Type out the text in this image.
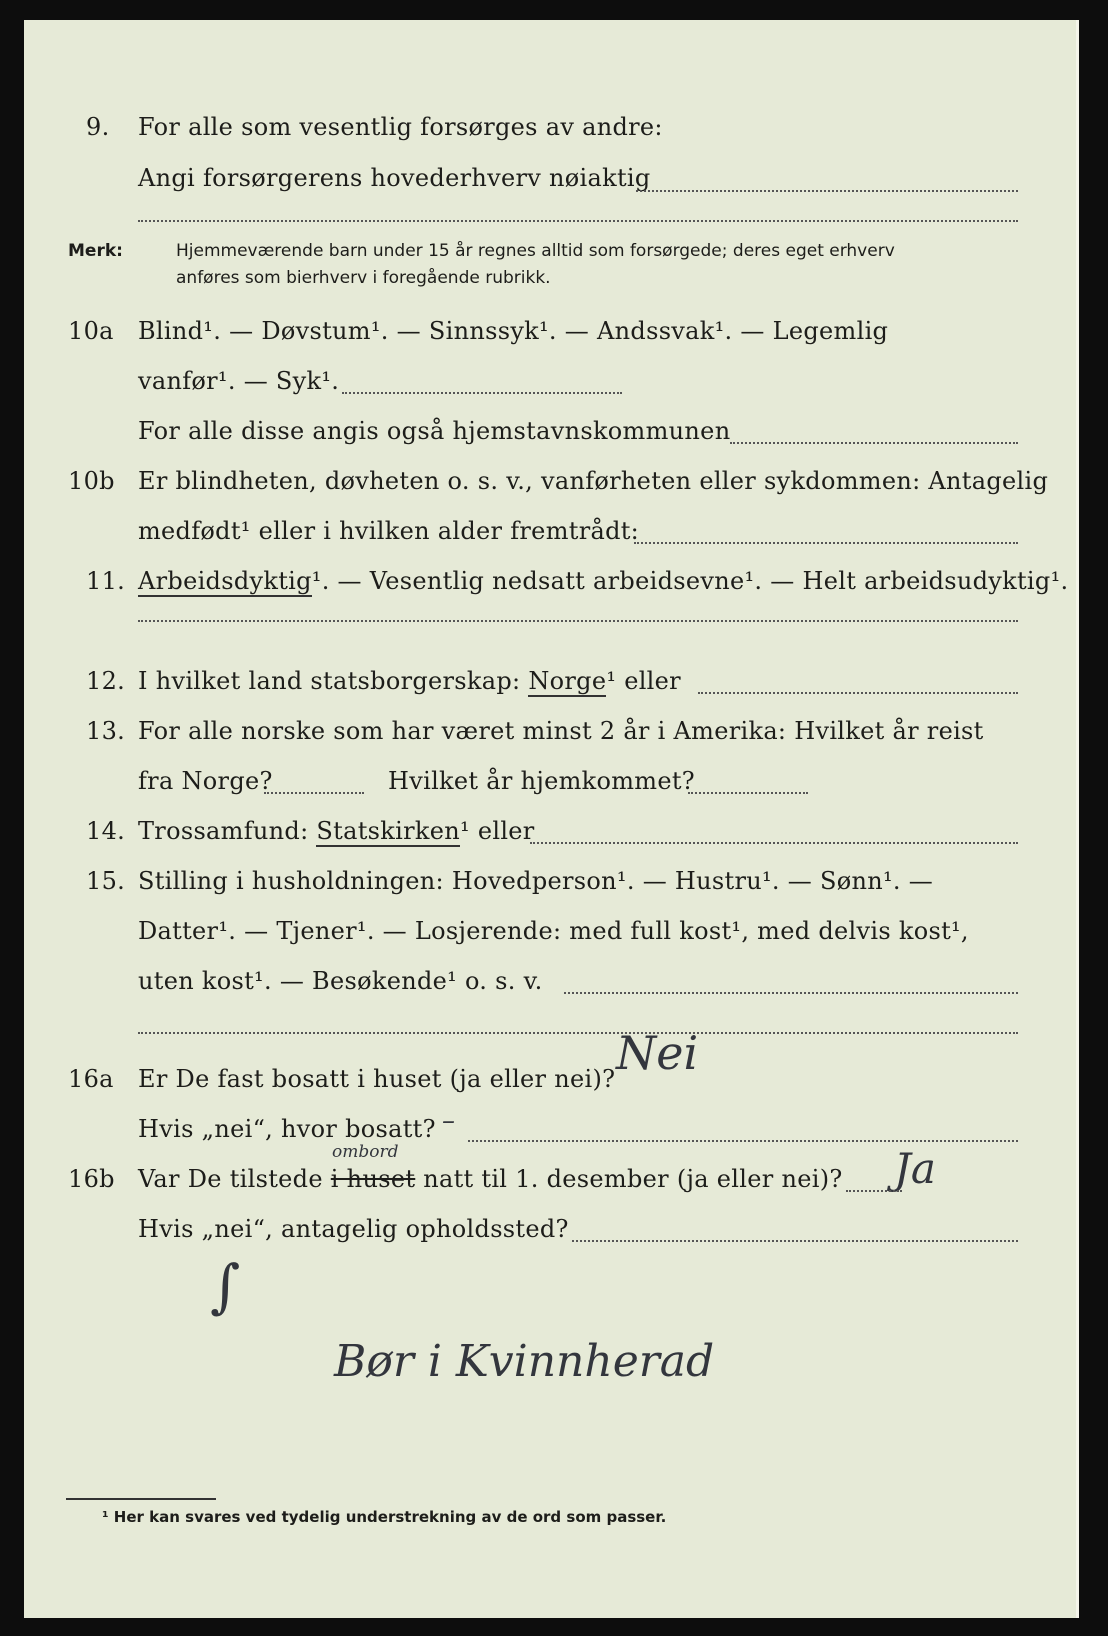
9. For alle som vesentlig forsørges av andre:
Angi forsørgerens hovederhverv nøiaktig
Merk:	Hjemmeværende barn under 15 år regnes alltid som forsørgede; deres eget erhverv
anføres som bierhverv i foregående rubrikk.
10a Blind¹. — Døvstum¹. — Sinnssyk¹. — Andssvak¹. — Legemlig
vanfør¹. — Syk¹.
For alle disse angis også hjemstavnskommunen
10b Er blindheten, døvheten o. s. v., vanførheten eller sykdommen: Antagelig
medfødt¹ eller i hvilken alder fremtrådt:
11. Arbeidsdyktig¹. — Vesentlig nedsatt arbeidsevne¹. — Helt arbeidsudyktig¹.
12. I hvilket land statsborgerskap: Norge¹ eller
13. For alle norske som har været minst 2 år i Amerika: Hvilket år reist
fra Norge?	Hvilket år hjemkommet?
14. Trossamfund: Statskirken¹ eller
15. Stilling i husholdningen: Hovedperson¹. — Hustru¹. — Sønn¹. —
Datter¹. — Tjener¹. — Losjerende: med full kost¹, med delvis kost¹,
uten kost¹. — Besøkende¹ o. s. v.
16a Er De fast bosatt i huset (ja eller nei)? Nei
Hvis „nei“, hvor bosatt? –
ombord
16b Var De tilstede i huset natt til 1. desember (ja eller nei)? Ja
Hvis „nei“, antagelig opholdssted?
∫
Bør i Kvinnherad
¹ Her kan svares ved tydelig understrekning av de ord som passer.
